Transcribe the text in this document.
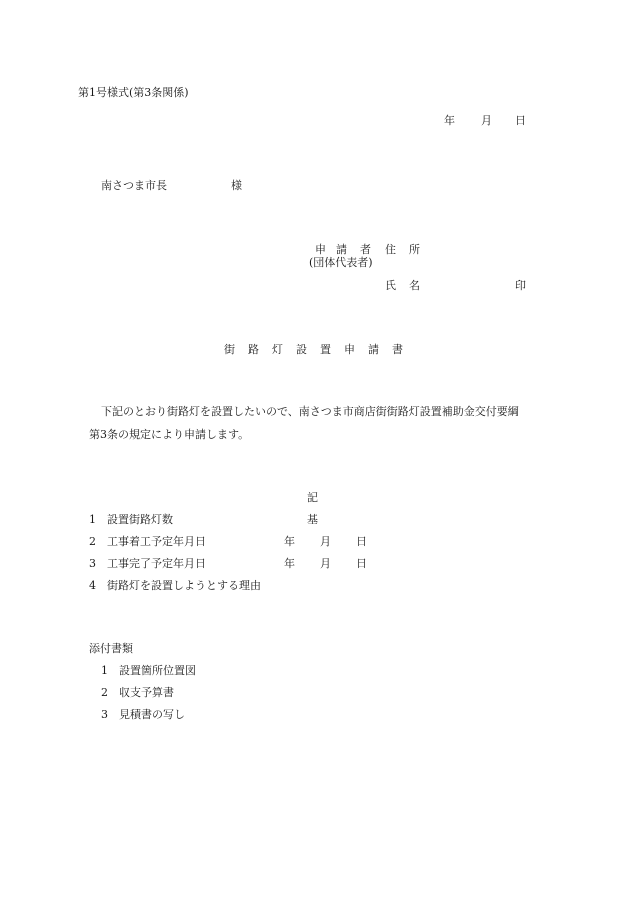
第1号様式(第3条関係)
年 月 日
南さつま市長	様
申 請 者 住 所
(団体代表者)
氏 名	印
街 路 灯 設 置 申 請 書
下記のとおり街路灯を設置したいので、南さつま市商店街街路灯設置補助金交付要綱
第3条の規定により申請します。
記
1 設置街路灯数	基
2 工事着工予定年月日	年 月 日
3 工事完了予定年月日	年 月 日
4 街路灯を設置しようとする理由
添付書類
1 設置箇所位置図
2 収支予算書
3 見積書の写し
